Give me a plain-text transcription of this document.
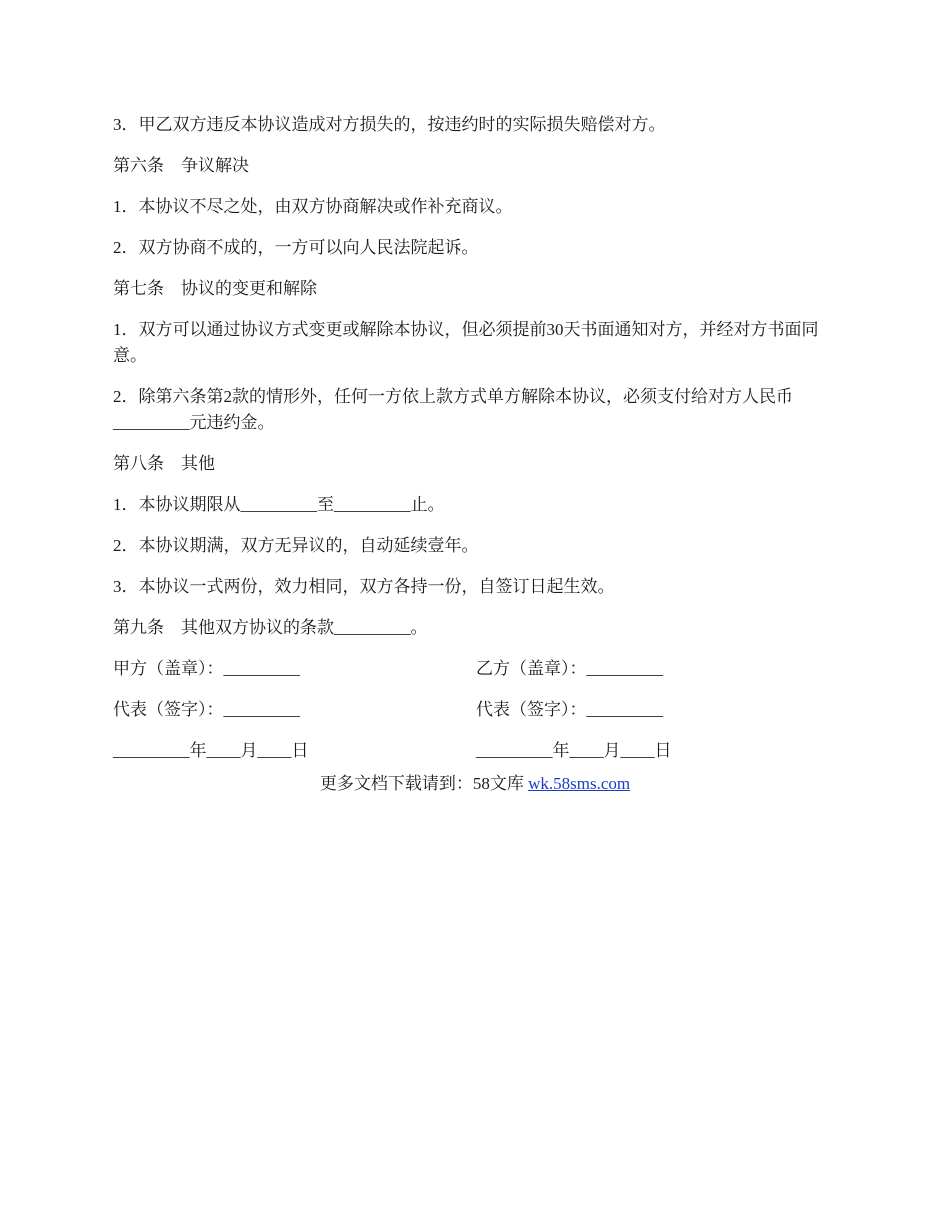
3．甲乙双方违反本协议造成对方损失的，按违约时的实际损失赔偿对方。

第六条　争议解决

1．本协议不尽之处，由双方协商解决或作补充商议。

2．双方协商不成的，一方可以向人民法院起诉。

第七条　协议的变更和解除

1．双方可以通过协议方式变更或解除本协议，但必须提前30天书面通知对方，并经对方书面同意。

2．除第六条第2款的情形外，任何一方依上款方式单方解除本协议，必须支付给对方人民币_________元违约金。

第八条　其他

1．本协议期限从_________至_________止。

2．本协议期满，双方无异议的，自动延续壹年。

3．本协议一式两份，效力相同，双方各持一份，自签订日起生效。

第九条　其他双方协议的条款_________。

甲方（盖章）：_________	乙方（盖章）：_________
代表（签字）：_________	代表（签字）：_________
_________年____月____日	_________年____月____日
更多文档下载请到：58文库 wk.58sms.com
